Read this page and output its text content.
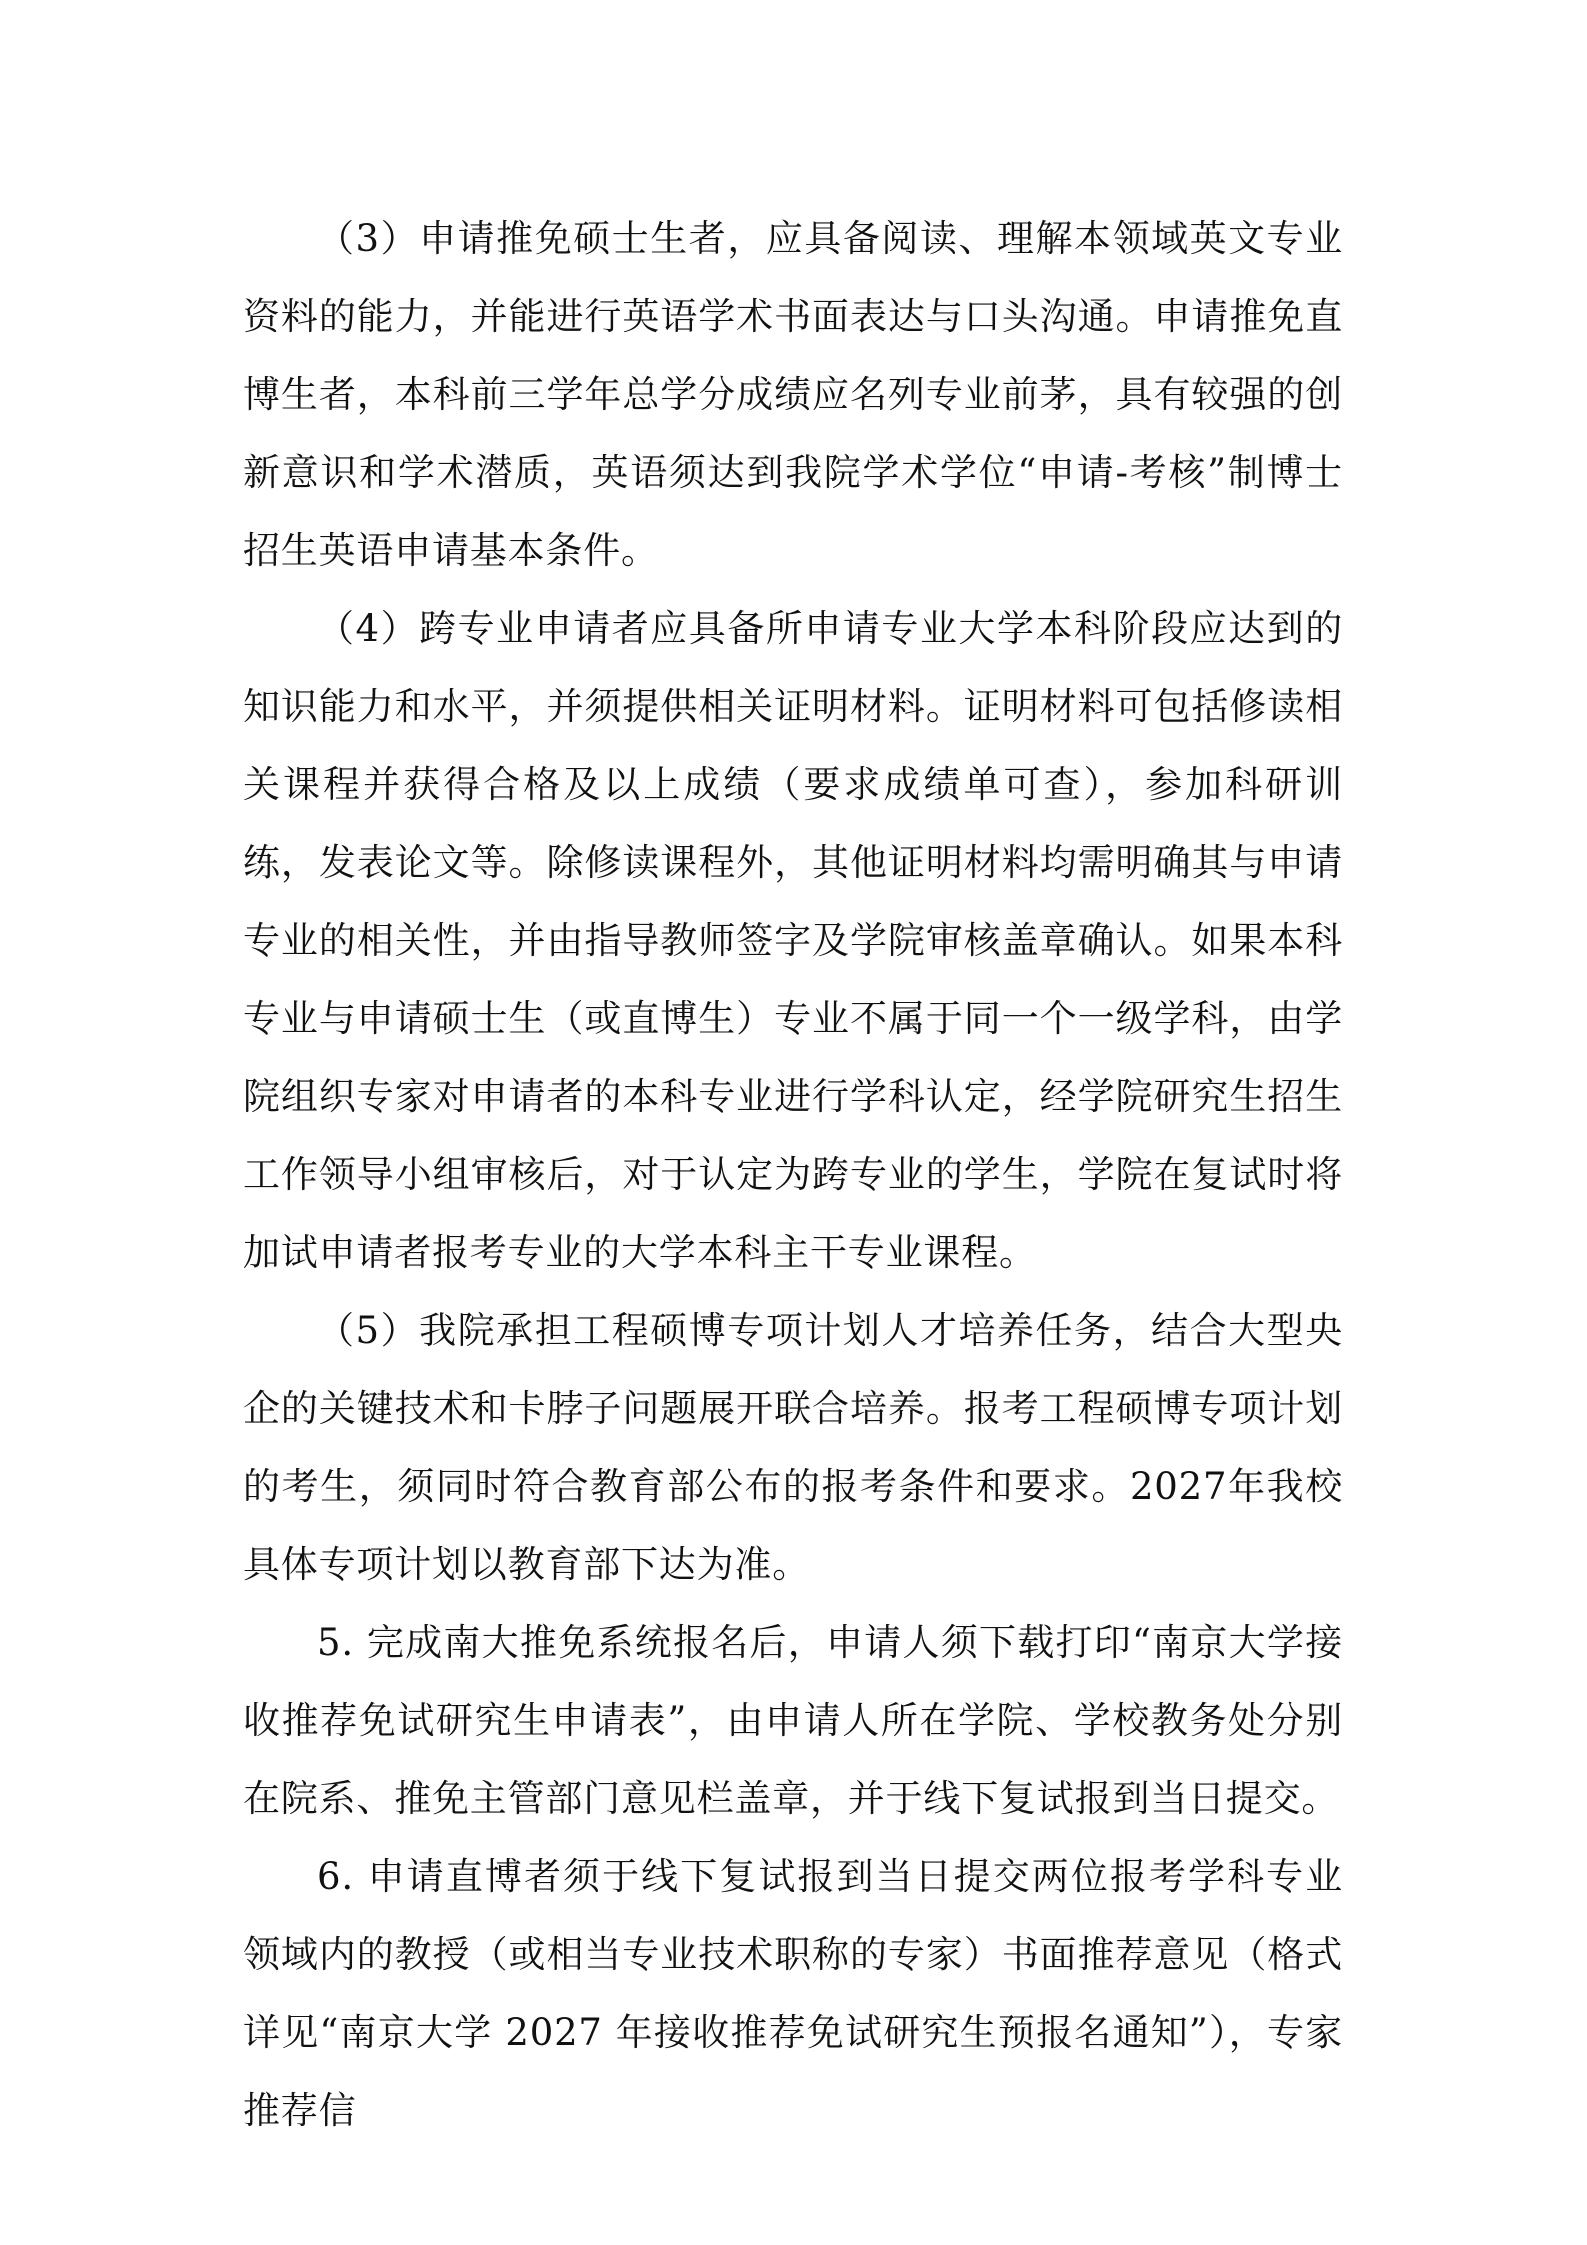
（3）申请推免硕士生者，应具备阅读、理解本领域英文专业资料的能力，并能进行英语学术书面表达与口头沟通。申请推免直博生者，本科前三学年总学分成绩应名列专业前茅，具有较强的创新意识和学术潜质，英语须达到我院学术学位“申请-考核”制博士招生英语申请基本条件。

（4）跨专业申请者应具备所申请专业大学本科阶段应达到的知识能力和水平，并须提供相关证明材料。证明材料可包括修读相关课程并获得合格及以上成绩（要求成绩单可查），参加科研训练，发表论文等。除修读课程外，其他证明材料均需明确其与申请专业的相关性，并由指导教师签字及学院审核盖章确认。如果本科专业与申请硕士生（或直博生）专业不属于同一个一级学科，由学院组织专家对申请者的本科专业进行学科认定，经学院研究生招生工作领导小组审核后，对于认定为跨专业的学生，学院在复试时将加试申请者报考专业的大学本科主干专业课程。

（5）我院承担工程硕博专项计划人才培养任务，结合大型央企的关键技术和卡脖子问题展开联合培养。报考工程硕博专项计划的考生，须同时符合教育部公布的报考条件和要求。2027年我校具体专项计划以教育部下达为准。

5. 完成南大推免系统报名后，申请人须下载打印“南京大学接收推荐免试研究生申请表”，由申请人所在学院、学校教务处分别在院系、推免主管部门意见栏盖章，并于线下复试报到当日提交。

6. 申请直博者须于线下复试报到当日提交两位报考学科专业领域内的教授（或相当专业技术职称的专家）书面推荐意见（格式详见“南京大学 2027 年接收推荐免试研究生预报名通知”），专家推荐信
